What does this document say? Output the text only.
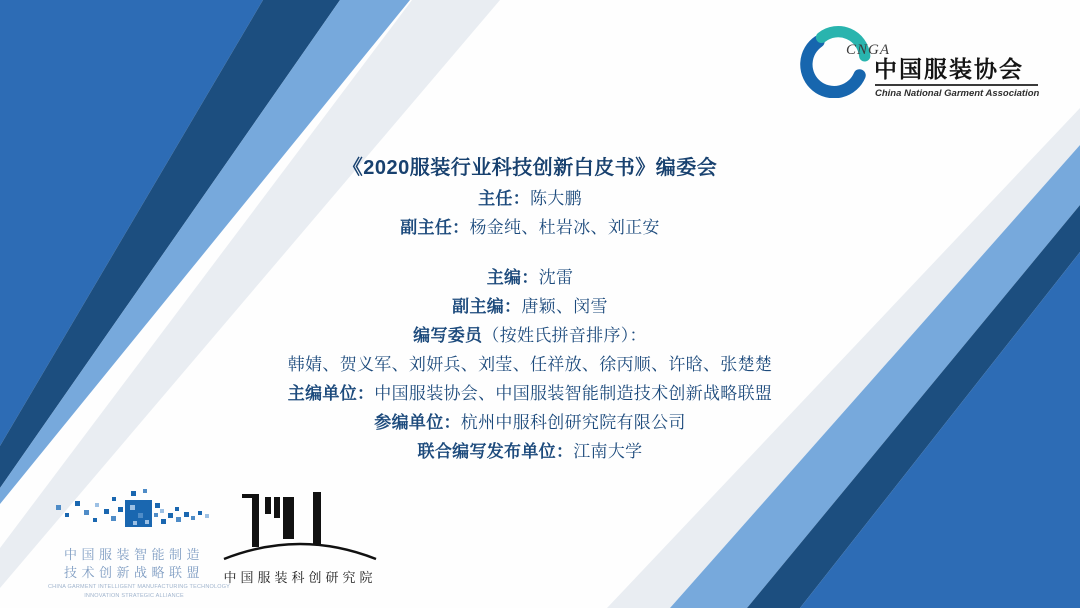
CNGA
中国服装协会
China National Garment Association
《2020服装行业科技创新白皮书》编委会
主任：陈大鹏
副主任：杨金纯、杜岩冰、刘正安
主编：沈雷
副主编：唐颖、闵雪
编写委员（按姓氏拼音排序）：
韩婧、贺义军、刘妍兵、刘莹、任祥放、徐丙顺、许晗、张楚楚
主编单位：中国服装协会、中国服装智能制造技术创新战略联盟
参编单位：杭州中服科创研究院有限公司
联合编写发布单位：江南大学
中国服装智能制造
技术创新战略联盟
CHINA GARMENT INTELLIGENT MANUFACTURING TECHNOLOGY
INNOVATION STRATEGIC ALLIANCE
中国服装科创研究院
